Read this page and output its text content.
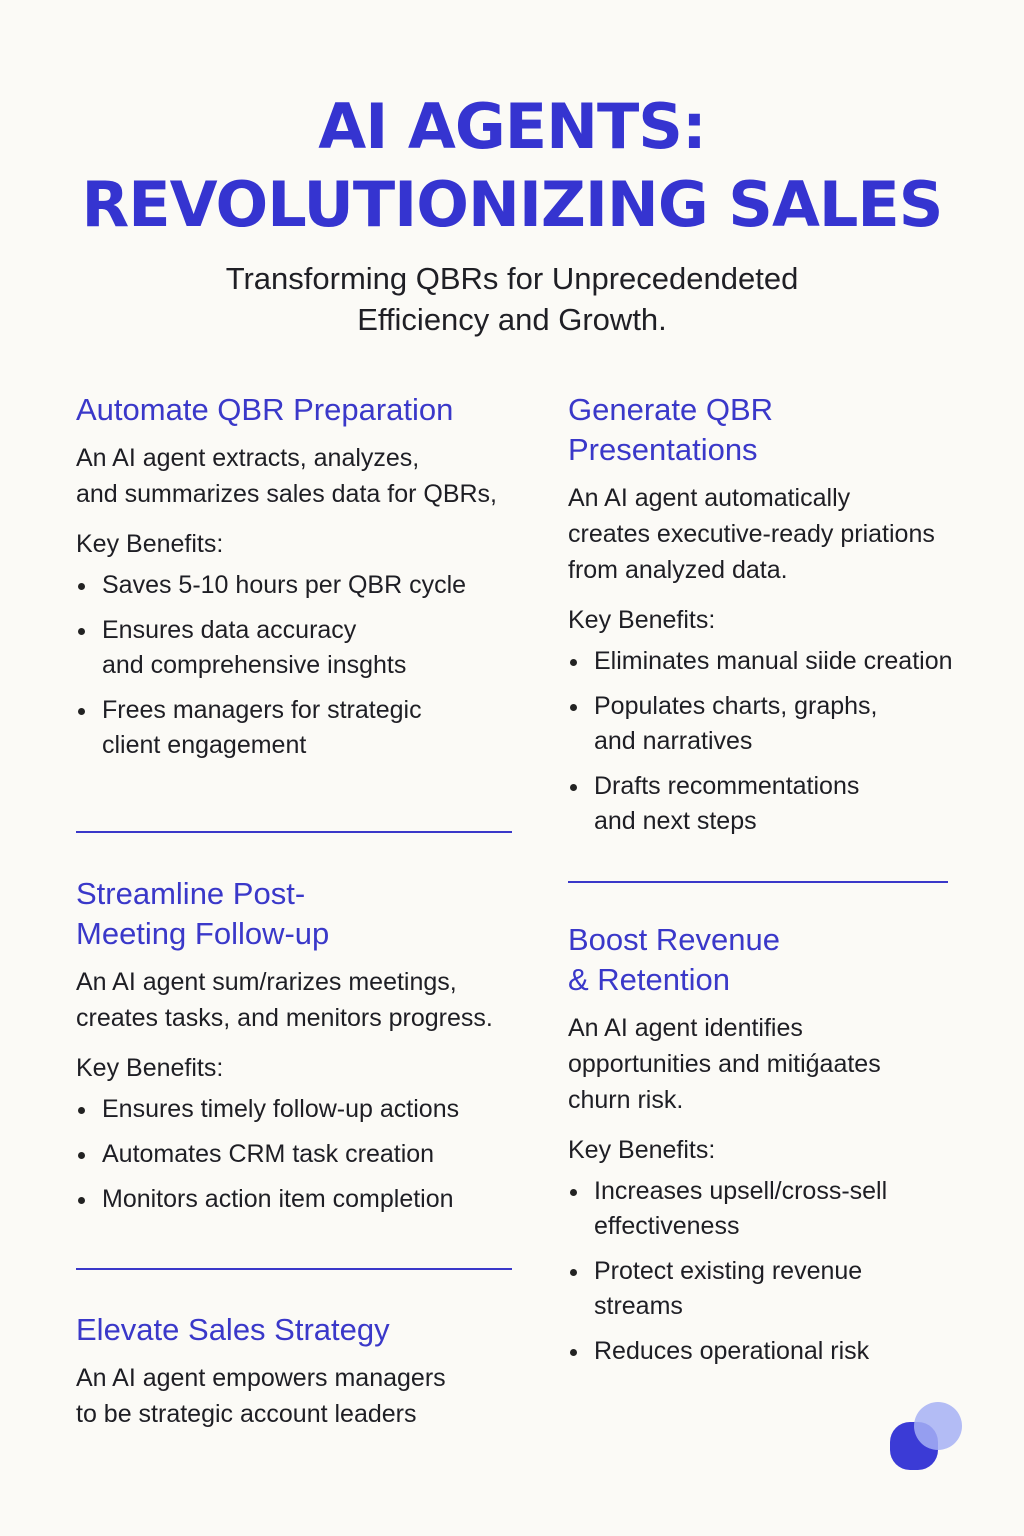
AI AGENTS:
REVOLUTIONIZING SALES
Transforming QBRs for Unprecedendeted
Efficiency and Growth.
Automate QBR Preparation

An AI agent extracts, analyzes,
and summarizes sales data for QBRs,

Key Benefits:

Saves 5-10 hours per QBR cycle
Ensures data accuracy
and comprehensive insghts
Frees managers for strategic
client engagement
Streamline Post-
Meeting Follow-up

An AI agent sum/rarizes meetings,
creates tasks, and menitors progress.

Key Benefits:

Ensures timely follow-up actions
Automates CRM task creation
Monitors action item completion
Elevate Sales Strategy

An AI agent empowers managers
to be strategic account leaders

Generate QBR
Presentations

An AI agent automatically
creates executive-ready priations
from analyzed data.

Key Benefits:

Eliminates manual siide creation
Populates charts, graphs,
and narratives
Drafts recommentations
and next steps
Boost Revenue
& Retention

An AI agent identifies
opportunities and mitiǵaates
churn risk.

Key Benefits:

Increases upsell/cross-sell
effectiveness
Protect existing revenue
streams
Reduces operational risk
